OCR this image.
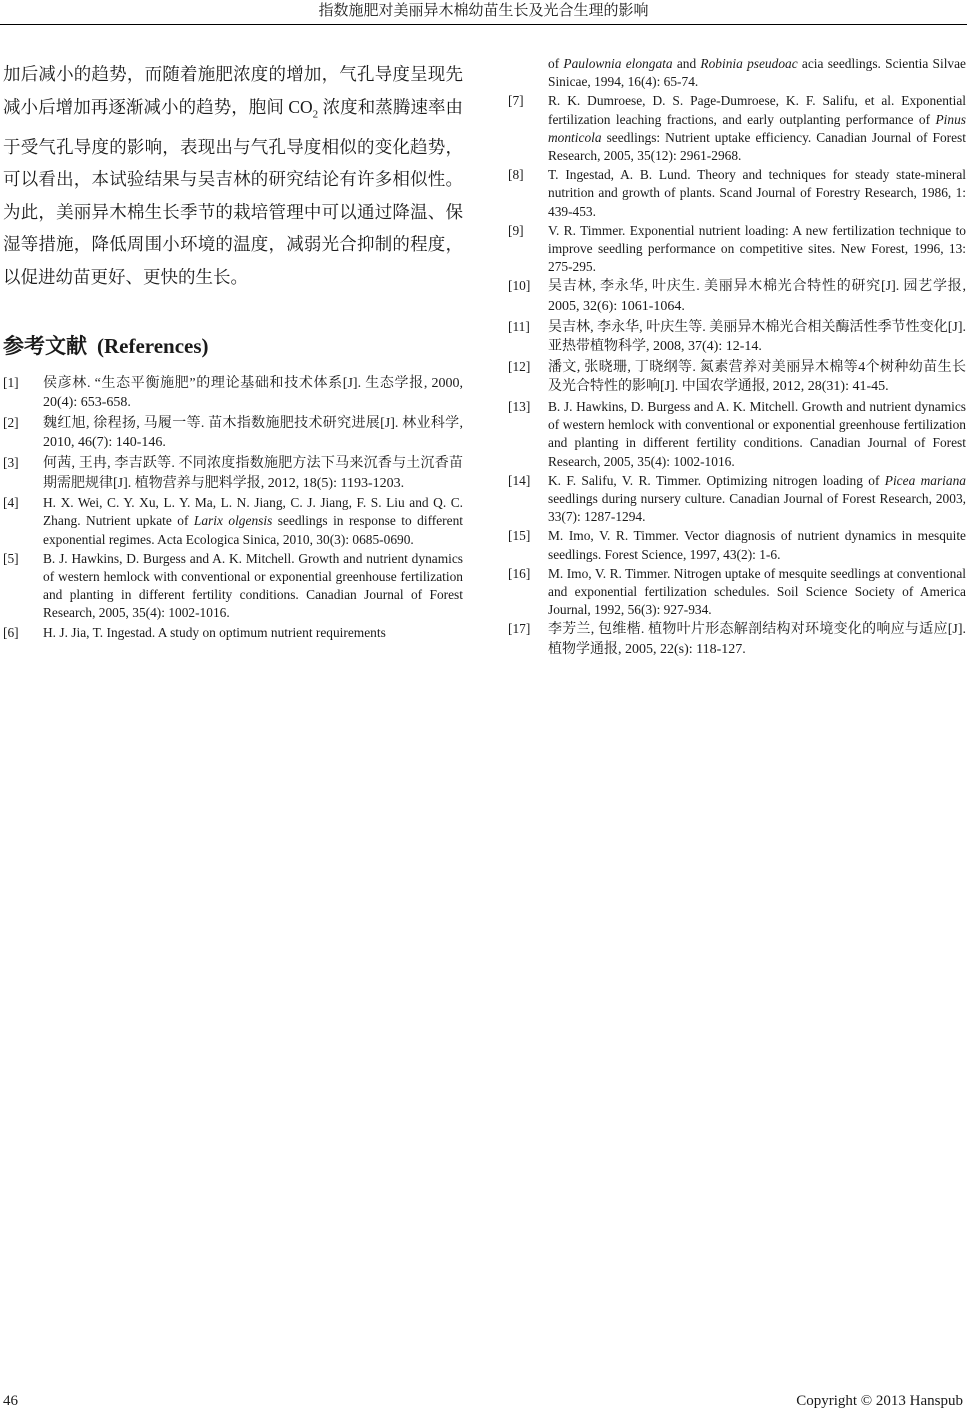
指数施肥对美丽异木棉幼苗生长及光合生理的影响

加后减小的趋势，而随着施肥浓度的增加，气孔导度呈现先减小后增加再逐渐减小的趋势，胞间 $CO_2$ 浓度和蒸腾速率由于受气孔导度的影响，表现出与气孔导度相似的变化趋势，可以看出，本试验结果与吴吉林的研究结论有许多相似性。为此，美丽异木棉生长季节的栽培管理中可以通过降温、保湿等措施，降低周围小环境的温度，减弱光合抑制的程度，以促进幼苗更好、更快的生长。

参考文献 (References)
[1] 侯彦林. “生态平衡施肥”的理论基础和技术体系[J]. 生态学报, 2000, 20(4): 653-658.
[2] 魏红旭, 徐程扬, 马履一等. 苗木指数施肥技术研究进展[J]. 林业科学, 2010, 46(7): 140-146.
[3] 何茜, 王冉, 李吉跃等. 不同浓度指数施肥方法下马来沉香与土沉香苗期需肥规律[J]. 植物营养与肥料学报, 2012, 18(5): 1193-1203.
[4] H. X. Wei, C. Y. Xu, L. Y. Ma, L. N. Jiang, C. J. Jiang, F. S. Liu and Q. C. Zhang. Nutrient upkate of Larix olgensis seedlings in response to different exponential regimes. Acta Ecologica Sinica, 2010, 30(3): 0685-0690.
[5] B. J. Hawkins, D. Burgess and A. K. Mitchell. Growth and nutrient dynamics of western hemlock with conventional or exponential greenhouse fertilization and planting in different fertility conditions. Canadian Journal of Forest Research, 2005, 35(4): 1002-1016.
[6] H. J. Jia, T. Ingestad. A study on optimum nutrient requirements
of Paulownia elongata and Robinia pseudoac acia seedlings. Scientia Silvae Sinicae, 1994, 16(4): 65-74.
[7] R. K. Dumroese, D. S. Page-Dumroese, K. F. Salifu, et al. Exponential fertilization leaching fractions, and early outplanting performance of Pinus monticola seedlings: Nutrient uptake efficiency. Canadian Journal of Forest Research, 2005, 35(12): 2961-2968.
[8] T. Ingestad, A. B. Lund. Theory and techniques for steady state-mineral nutrition and growth of plants. Scand Journal of Forestry Research, 1986, 1: 439-453.
[9] V. R. Timmer. Exponential nutrient loading: A new fertilization technique to improve seedling performance on competitive sites. New Forest, 1996, 13: 275-295.
[10] 吴吉林, 李永华, 叶庆生. 美丽异木棉光合特性的研究[J]. 园艺学报, 2005, 32(6): 1061-1064.
[11] 吴吉林, 李永华, 叶庆生等. 美丽异木棉光合相关酶活性季节性变化[J]. 亚热带植物科学, 2008, 37(4): 12-14.
[12] 潘文, 张晓珊, 丁晓纲等. 氮素营养对美丽异木棉等4个树种幼苗生长及光合特性的影响[J]. 中国农学通报, 2012, 28(31): 41-45.
[13] B. J. Hawkins, D. Burgess and A. K. Mitchell. Growth and nutrient dynamics of western hemlock with conventional or exponential greenhouse fertilization and planting in different fertility conditions. Canadian Journal of Forest Research, 2005, 35(4): 1002-1016.
[14] K. F. Salifu, V. R. Timmer. Optimizing nitrogen loading of Picea mariana seedlings during nursery culture. Canadian Journal of Forest Research, 2003, 33(7): 1287-1294.
[15] M. Imo, V. R. Timmer. Vector diagnosis of nutrient dynamics in mesquite seedlings. Forest Science, 1997, 43(2): 1-6.
[16] M. Imo, V. R. Timmer. Nitrogen uptake of mesquite seedlings at conventional and exponential fertilization schedules. Soil Science Society of America Journal, 1992, 56(3): 927-934.
[17] 李芳兰, 包维楷. 植物叶片形态解剖结构对环境变化的响应与适应[J]. 植物学通报, 2005, 22(s): 118-127.
46	Copyright © 2013 Hanspub
